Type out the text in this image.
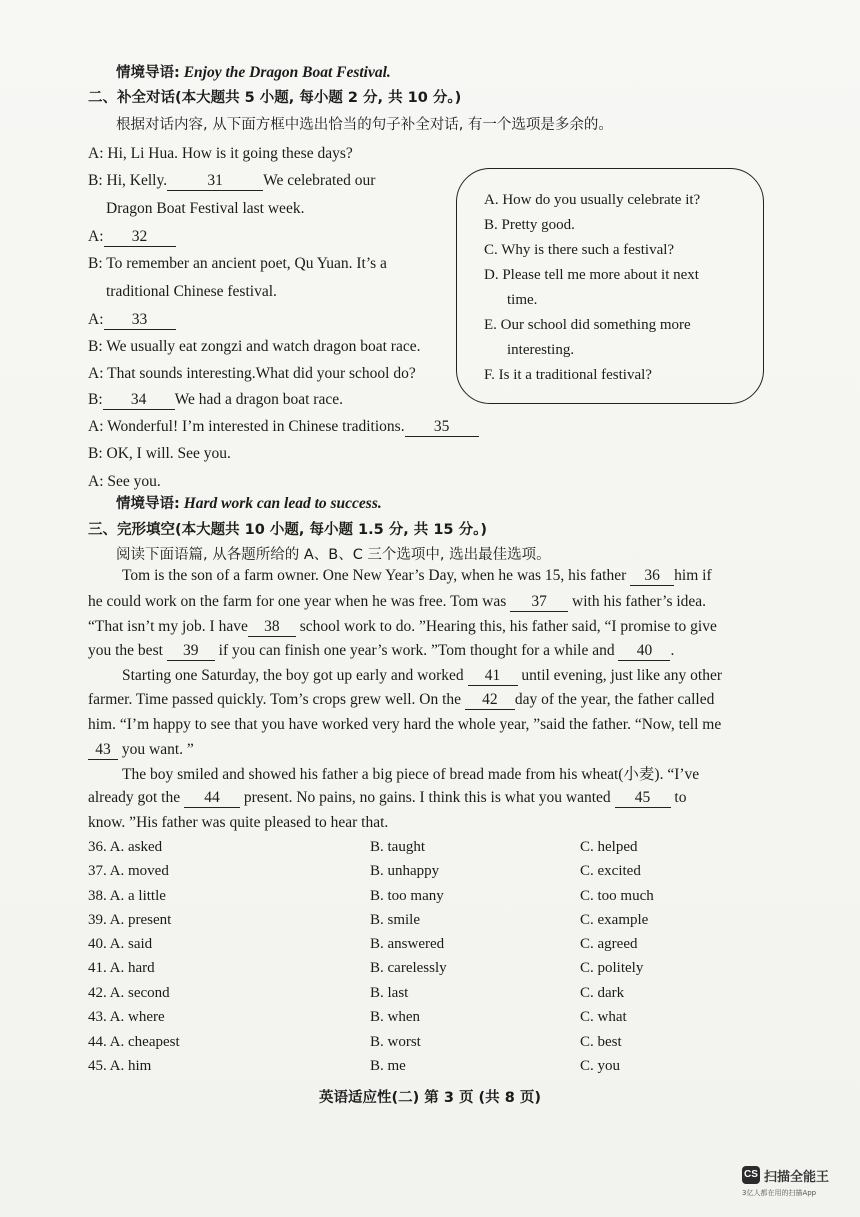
情境导语: Enjoy the Dragon Boat Festival.
二、补全对话(本大题共 5 小题, 每小题 2 分, 共 10 分。)
根据对话内容, 从下面方框中选出恰当的句子补全对话, 有一个选项是多余的。
A: Hi, Li Hua. How is it going these days?
B: Hi, Kelly.	31	We celebrated our
Dragon Boat Festival last week.
A: 32
B: To remember an ancient poet, Qu Yuan. It’s a
traditional Chinese festival.
A: 33
B: We usually eat zongzi and watch dragon boat race.
A: That sounds interesting.What did your school do?
B: 34 We had a dragon boat race.
A: Wonderful! I’m interested in Chinese traditions. 35
B: OK, I will. See you.
A: See you.
A. How do you usually celebrate it?
B. Pretty good.
C. Why is there such a festival?
D. Please tell me more about it next
time.
E. Our school did something more
interesting.
F. Is it a traditional festival?
情境导语: Hard work can lead to success.
三、完形填空(本大题共 10 小题, 每小题 1.5 分, 共 15 分。)
阅读下面语篇, 从各题所给的 A、B、C 三个选项中, 选出最佳选项。
Tom is the son of a farm owner. One New Year’s Day, when he was 15, his father 36 him if
he could work on the farm for one year when he was free. Tom was 37 with his father’s idea.
“That isn’t my job. I have 38 school work to do. ”Hearing this, his father said, “I promise to give
you the best 39 if you can finish one year’s work. ”Tom thought for a while and 40 .
Starting one Saturday, the boy got up early and worked 41 until evening, just like any other
farmer. Time passed quickly. Tom’s crops grew well. On the 42 day of the year, the father called
him. “I’m happy to see that you have worked very hard the whole year, ”said the father. “Now, tell me
43 you want. ”
The boy smiled and showed his father a big piece of bread made from his wheat(小麦). “I’ve
already got the 44 present. No pains, no gains. I think this is what you wanted 45 to
know. ”His father was quite pleased to hear that.
36. A. asked	B. taught	C. helped
37. A. moved	B. unhappy	C. excited
38. A. a little	B. too many	C. too much
39. A. present	B. smile	C. example
40. A. said	B. answered	C. agreed
41. A. hard	B. carelessly	C. politely
42. A. second	B. last	C. dark
43. A. where	B. when	C. what
44. A. cheapest	B. worst	C. best
45. A. him	B. me	C. you
英语适应性(二) 第 3 页 (共 8 页)
CS 扫描全能王
3亿人都在用的扫描App
